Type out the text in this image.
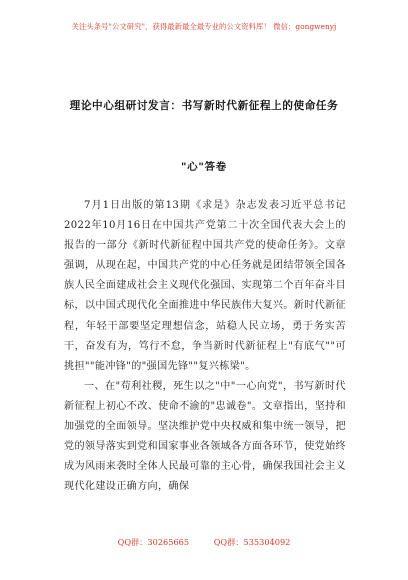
关注头条号"公文研究"，获得最新最全最专业的公文资料库！ 微信：gongwenyj
理论中心组研讨发言：书写新时代新征程上的使命任务
"心"答卷

7月1日出版的第13期《求是》杂志发表习近平总书记2022年10月16日在中国共产党第二十次全国代表大会上的报告的一部分《新时代新征程中国共产党的使命任务》。文章强调，从现在起，中国共产党的中心任务就是团结带领全国各族人民全面建成社会主义现代化强国、实现第二个百年奋斗目标，以中国式现代化全面推进中华民族伟大复兴。新时代新征程，年轻干部要坚定理想信念，站稳人民立场，勇于务实苦干，奋发有为，笃行不怠，争当新时代新征程上"有底气""可挑担""能冲锋"的"强国先锋""复兴栋梁"。

一、在"苟利社稷，死生以之"中"一心向党"，书写新时代新征程上初心不改、使命不渝的"忠诚卷"。文章指出，坚持和加强党的全面领导。坚决维护党中央权威和集中统一领导，把党的领导落实到党和国家事业各领域各方面各环节，使党始终成为风雨来袭时全体人民最可靠的主心骨，确保我国社会主义现代化建设正确方向，确保

QQ群：30265665	QQ群：535304092
